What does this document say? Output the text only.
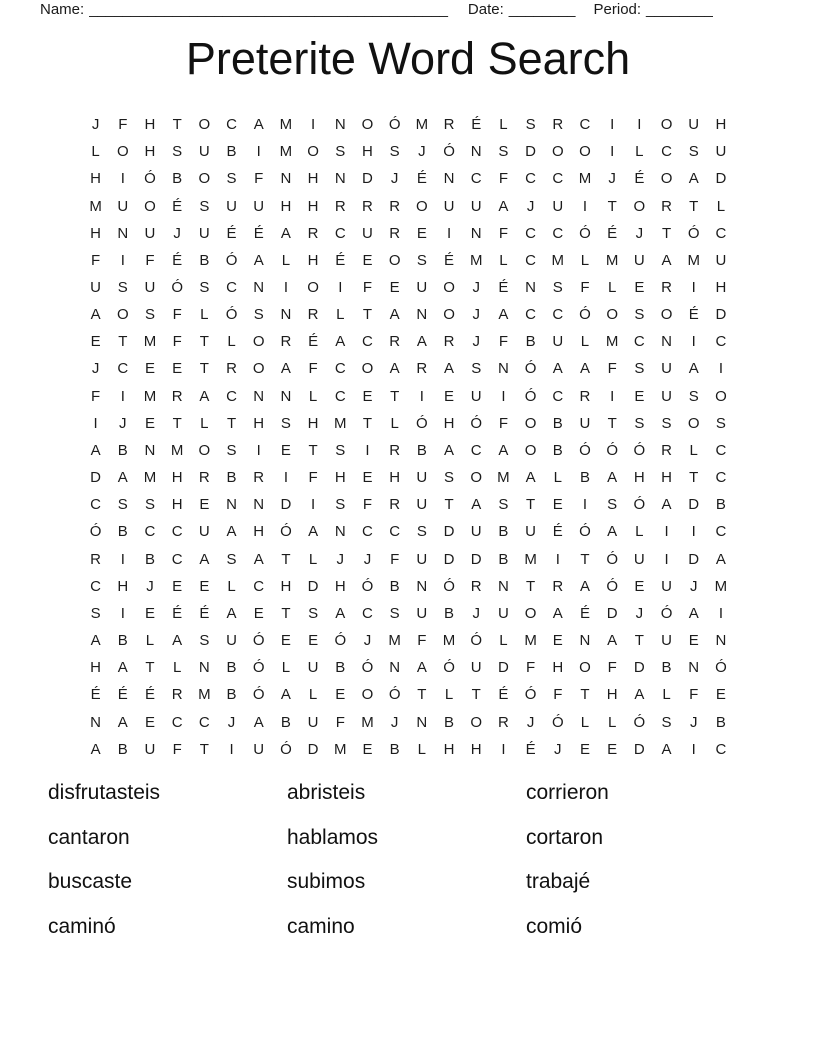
Name: ___________________________________________ Date: ________ Period: ________
Preterite Word Search
J	F	H	T	O	C	A	M	I	N	O	Ó	M	R	É	L	S	R	C	I	I	O	U	H
L	O	H	S	U	B	I	M	O	S	H	S	J	Ó	N	S	D	O	O	I	L	C	S	U
H	I	Ó	B	O	S	F	N	H	N	D	J	É	N	C	F	C	C	M	J	É	O	A	D
M	U	O	É	S	U	U	H	H	R	R	R	O	U	U	A	J	U	I	T	O	R	T	L
H	N	U	J	U	É	É	A	R	C	U	R	E	I	N	F	C	C	Ó	É	J	T	Ó	C
F	I	F	É	B	Ó	A	L	H	É	E	O	S	É	M	L	C	M	L	M	U	A	M	U
U	S	U	Ó	S	C	N	I	O	I	F	E	U	O	J	É	N	S	F	L	E	R	I	H
A	O	S	F	L	Ó	S	N	R	L	T	A	N	O	J	A	C	C	Ó	O	S	O	É	D
E	T	M	F	T	L	O	R	É	A	C	R	A	R	J	F	B	U	L	M	C	N	I	C
J	C	E	E	T	R	O	A	F	C	O	A	R	A	S	N	Ó	A	A	F	S	U	A	I
F	I	M	R	A	C	N	N	L	C	E	T	I	E	U	I	Ó	C	R	I	E	U	S	O
I	J	E	T	L	T	H	S	H	M	T	L	Ó	H	Ó	F	O	B	U	T	S	S	O	S
A	B	N	M	O	S	I	E	T	S	I	R	B	A	C	A	O	B	Ó	Ó	Ó	R	L	C
D	A	M	H	R	B	R	I	F	H	E	H	U	S	O	M	A	L	B	A	H	H	T	C
C	S	S	H	E	N	N	D	I	S	F	R	U	T	A	S	T	E	I	S	Ó	A	D	B
Ó	B	C	C	U	A	H	Ó	A	N	C	C	S	D	U	B	U	É	Ó	A	L	I	I	C
R	I	B	C	A	S	A	T	L	J	J	F	U	D	D	B	M	I	T	Ó	U	I	D	A
C	H	J	E	E	L	C	H	D	H	Ó	B	N	Ó	R	N	T	R	A	Ó	E	U	J	M
S	I	E	É	É	A	E	T	S	A	C	S	U	B	J	U	O	A	É	D	J	Ó	A	I
A	B	L	A	S	U	Ó	E	E	Ó	J	M	F	M	Ó	L	M	E	N	A	T	U	E	N
H	A	T	L	N	B	Ó	L	U	B	Ó	N	A	Ó	U	D	F	H	O	F	D	B	N	Ó
É	É	É	R	M	B	Ó	A	L	E	O	Ó	T	L	T	É	Ó	F	T	H	A	L	F	E
N	A	E	C	C	J	A	B	U	F	M	J	N	B	O	R	J	Ó	L	L	Ó	S	J	B
A	B	U	F	T	I	U	Ó	D	M	E	B	L	H	H	I	É	J	E	E	D	A	I	C
disfrutasteis
cantaron
buscaste
caminó
abristeis
hablamos
subimos
camino
corrieron
cortaron
trabajé
comió
